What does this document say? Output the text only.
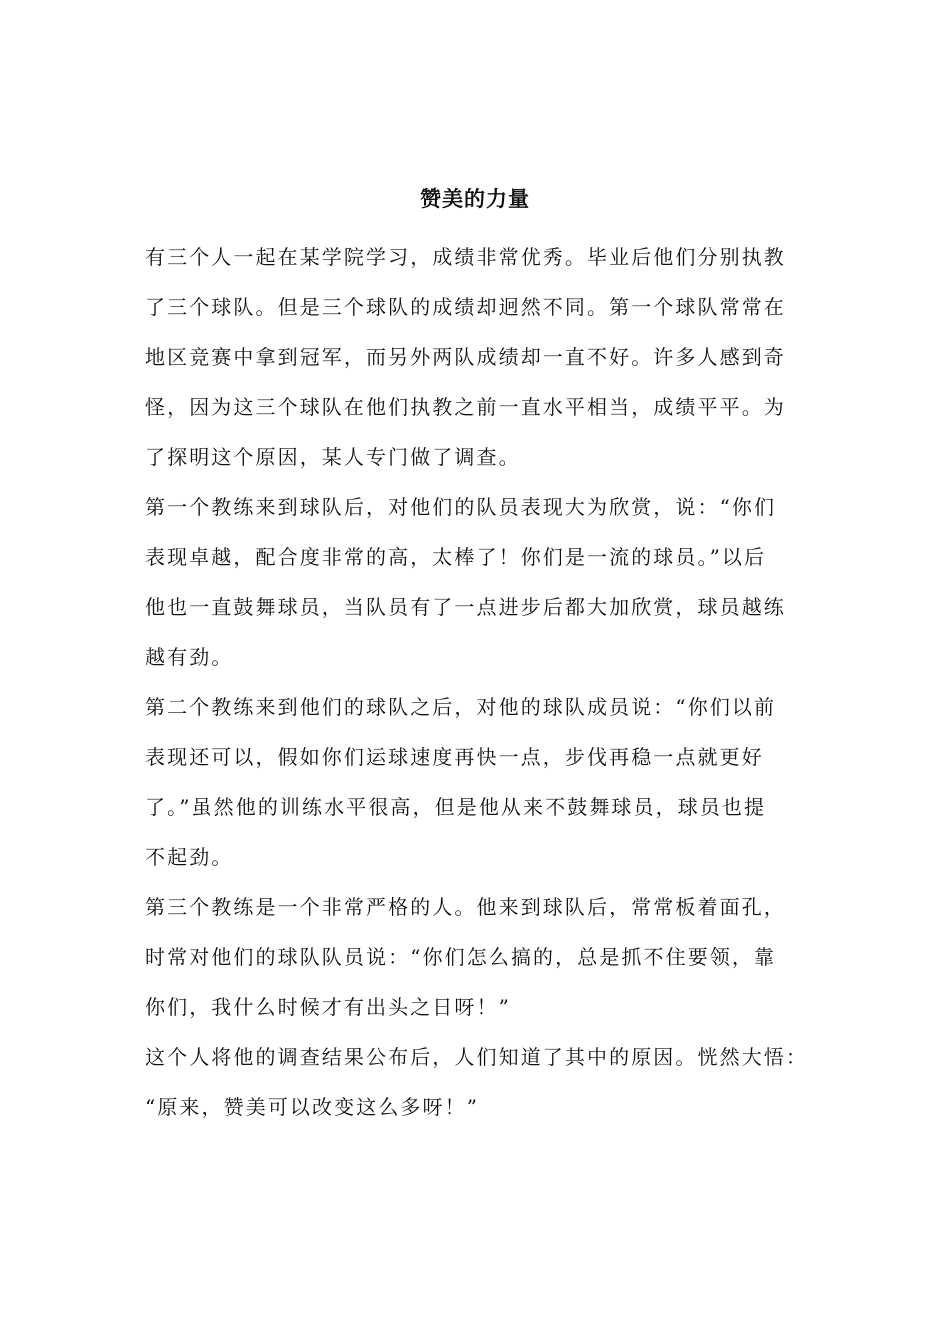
赞美的力量

有三个人一起在某学院学习，成绩非常优秀。毕业后他们分别执教
了三个球队。但是三个球队的成绩却迥然不同。第一个球队常常在
地区竞赛中拿到冠军，而另外两队成绩却一直不好。许多人感到奇
怪，因为这三个球队在他们执教之前一直水平相当，成绩平平。为
了探明这个原因，某人专门做了调查。

第一个教练来到球队后，对他们的队员表现大为欣赏，说：“你们
表现卓越，配合度非常的高，太棒了！你们是一流的球员。”以后
他也一直鼓舞球员，当队员有了一点进步后都大加欣赏，球员越练
越有劲。

第二个教练来到他们的球队之后，对他的球队成员说：“你们以前
表现还可以，假如你们运球速度再快一点，步伐再稳一点就更好
了。”虽然他的训练水平很高，但是他从来不鼓舞球员，球员也提
不起劲。

第三个教练是一个非常严格的人。他来到球队后，常常板着面孔，
时常对他们的球队队员说：“你们怎么搞的，总是抓不住要领，靠
你们，我什么时候才有出头之日呀！”

这个人将他的调查结果公布后，人们知道了其中的原因。恍然大悟：
“原来，赞美可以改变这么多呀！”
